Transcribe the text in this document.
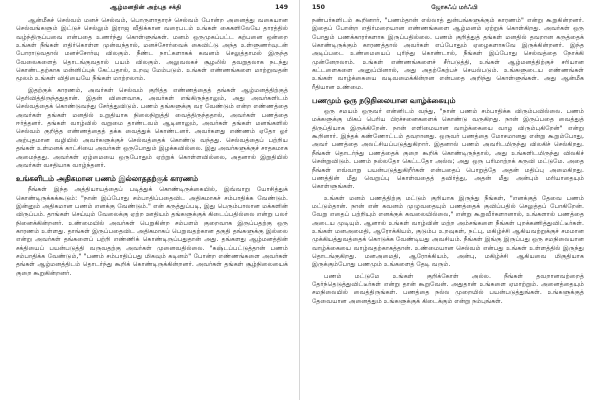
ஆழ்மனதின் அற்புத சக்தி	149

ஆன்மீகச் செல்வம் மனச் செல்வம், பொருளாதாரச் செல்வம் போன்ற அனைத்து வகையான செல்வங்களும் இட்டுச் செல்லும் இராஜ வீதிக்கான வரைபடம் உங்கள் கைகளிலேயே தாரத்தில் வழ்ந்திருப்பவை என்பதை உணர்ந்து கொள்ளுங்கள். மனம் ஒருமுகப்பட்ட கற்பனை ஒன்றை உங்கள் நீங்கள் எதிர்கொள்ள முன்வந்தால், மனச்சோர்வைக் கைவிட்டு அந்த உள்ளுணர்வுடன் போராடுவதால் மனச்சோர்வு விலகும். நீண்ட நாட்களாகக் கவனம் செலுத்தாமல் இருந்த வேலைகளைத் தொடங்குவதால் பயம் விலகும். அலுவலகச் சூழலில் தவறுதலாக நடந்து கொண்டதற்காக மன்னிப்புக் கேட்பதால், உறவு மேம்படும். உங்கள் எண்ணங்களை மாற்றுவதன் மூலம் உங்கள் விதியையே நீங்கள் மாற்றலாம்.

இதற்குக் காரணம், அவர்கள் செல்வம் குறித்த எண்ணத்தைத் தங்கள் ஆழ்மனத்திற்குத் தெரிவித்திருந்ததுதான். இதன் விளைவாக, அவர்கள் எங்கிருந்தாலும், அது அவர்களிடம் செல்வத்தைக் கொண்டுவந்து சேர்த்துவிடும். பணம் தங்களுக்கு வர வேண்டும் என்ற எண்ணத்தை அவர்கள் தங்கள் மனதில் உறுதியாக நிலைநிறுத்தி வைத்திருந்ததால், அவர்கள் பணத்தை ஈர்த்தனர். தங்கள் வாழ்வில் வறுமை தாண்டவம் ஆடினாலும், அவர்கள் தங்கள் மனங்களில் செல்வம் குறித்த எண்ணத்தைத் தக்க வைத்துக் கொண்டனர். அவர்களது எண்ணம் ஏதோ ஓர் அற்புதமான வழியில் அவர்களுக்குச் செல்வத்தைக் கொண்டு வந்தது. செல்வத்தைப் பற்றிய தங்கள் உள்மனக் காட்சியை அவர்கள் ஒருபோதும் இழக்கவில்லை. இது அவர்களுக்குச் சாதகமாக அமைந்தது. அவர்கள் ஏழ்மையை ஒருபோதும் ஏற்றுக் கொள்ளவில்லை, அதனால் இறுதியில் அவர்கள் வசதியாக வாழ்ந்தனர்.

உங்களிடம் அதிகமான பணம் இல்லாததற்குக் காரணம்

நீங்கள் இந்த அத்தியாயத்தைப் படித்துக் கொண்டிருக்கையில், இவ்வாறு யோசித்துக் கொண்டிருக்கக்கூடும்: "நான் இப்போது சம்பாதிப்பதைவிட அதிகமாகச் சம்பாதிக்க வேண்டும். இன்னும் அதிகமான பணம் எனக்கு வேண்டும்." என் கருத்துப்படி, இது பெரும்பாலான மக்களின் விருப்பம். தாங்கள் செய்யும் வேலைக்கு ஏற்ற ஊதியம் தங்களுக்குக் கிடைப்பதில்லை என்று பலர் நினைக்கின்றனர். உண்மையில் அவர்கள் பெறுகின்ற சம்பளம் குறைவாக இருப்பதற்கு ஒரு காரணம் உள்ளது. தாங்கள் இருப்பதைவிட அதிகமாகப் பெறுவதற்கான தகுதி தங்களுக்கு இல்லை என்று அவர்கள் தங்களைப் பற்றி எண்ணிக் கொண்டிருப்பதுதான் அது. தங்களது ஆழ்மனத்தின் சக்தியைப் பயன்படுத்தி வருவதற்கு அவர்கள் முனைவதில்லை. "கஷ்டப்பட்டுத்தான் பணம் சம்பாதிக்க வேண்டும்," "பணம் சம்பாதிப்பது மிகவும் கடினம்" போன்ற எண்ணங்களை அவர்கள் தங்கள் ஆழ்மனத்திடம் தொடர்ந்து கூறிக் கொண்டிருக்கின்றனர். அவர்கள் தங்கள் சூழ்நிலையைக் குறை கூறுகின்றனர்.

150	ஜோசஃப் மர்ஃபி

நண்பர்களிடம் கூறினார், "பணம்தான் எல்லாத் துன்பங்களுக்கும் காரணம்" என்று கூறுகின்றனர். இதைப் போன்ற எதிர்மறையான எண்ணங்களை ஆழ்மனம் ஏற்றுக் கொள்கிறது. அவர்கள் ஒரு போதும் பணக்காரர்களாக இருப்பதில்லை. பணம் குறித்துத் தங்கள் மனதில் தவறான கருத்தைக் கொண்டிருக்கும் காரணத்தால் அவர்கள் எப்போதும் ஏழைகளாகவே இருக்கின்றனர். இந்த அடிப்படை உண்மையைப் புரிந்து கொண்டால், நீங்கள் இப்போது செல்வத்தை நோக்கி முன்னேறலாம். உங்கள் எண்ணங்களைச் சீர்படுத்தி, உங்கள் ஆழ்மனத்திற்குச் சரியான கட்டளைகளை அனுப்பினால், அது அதற்கேற்பச் செயல்படும். உங்களுடைய எண்ணங்கள் உங்கள் வாழ்க்கையை வடிவமைக்கின்றன என்பதை அறிந்து கொள்ளுங்கள். அது ஆன்மீக ரீதியான உண்மை.

பணமும் ஒரு நடுநிலையான வாழ்க்கையும்

ஒரு சமயம் ஒருவர் என்னிடம் வந்து, "நான் பணம் சம்பாதிக்க விரும்பவில்லை. பணம் மக்களுக்கு மிகப் பெரிய பிரச்சனைகளைக் கொண்டு வருகிறது. நான் இருப்பதை வைத்துத் திருப்தியாக இருக்கிறேன். நான் எளிமையான வாழ்க்கையை வாழ விரும்புகிறேன்" என்று கூறினார். இந்தக் கண்ணோட்டம் தவறானது. ஒருவர் பணத்தை மோசமானது என்று கூறும்போது, அவர் பணத்தை அலட்சியப்படுத்துகிறார். இதனால் பணம் அவரிடமிருந்து விலகிச் செல்கிறது. நீங்கள் தொடர்ந்து பணத்தைக் குறை கூறிக் கொண்டிருந்தால், அது உங்களிடமிருந்து விலகிச் சென்றுவிடும். பணம் நல்லதோ கெட்டதோ அல்ல; அது ஒரு பரிமாற்றக் கருவி மட்டுமே. அதை நீங்கள் எவ்வாறு பயன்படுத்துகிறீர்கள் என்பதைப் பொறுத்தே அதன் மதிப்பு அமைகிறது. பணத்தின் மீது வெறுப்பு கொள்வதைத் தவிர்த்து, அதன் மீது அன்பும் மரியாதையும் கொள்ளுங்கள்.

உங்கள் மனம் பணத்திற்கு மட்டும் குறியாக இருந்து நீங்கள், "எனக்குத் தேவை பணம் மட்டும்தான். நான் என் கவனம் முழுவதையும் பணத்தைக் குவிப்பதில் செலுத்தப் போகிறேன். வேறு எதைப் பற்றியும் எனக்குக் கவலையில்லை," என்று கூறுவீர்களானால், உங்களால் பணத்தை அடைய முடியும். ஆனால் உங்கள் வாழ்வின் மற்ற அம்சங்களை நீங்கள் புறக்கணித்துவிட்டீர்கள். உங்கள் மனஅமைதி, ஆரோக்கியம், குடும்ப உறவுகள், நட்பு, மகிழ்ச்சி ஆகியவற்றுக்குச் சமமான முக்கியத்துவத்தைக் கொடுக்க வேண்டியது அவசியம். நீங்கள் இங்கு இருப்பது ஒரு சமநிலையான வாழ்க்கையை வாழ்வதற்காகத்தான். உண்மையான செல்வம் என்பது உங்கள் உள்ளத்தில் இருந்து தொடங்குகிறது. மனஅமைதி, ஆரோக்கியம், அன்பு, மகிழ்ச்சி ஆகியவை மிகுதியாக இருக்கும்போது பணமும் உங்களைத் தேடி வரும்.

பணம் மட்டுமே உங்கள் குறிக்கோள் அல்ல. நீங்கள் தவறானவற்றைத் தேர்ந்தெடுத்துவிட்டீர்கள் என்று தான் கூறுவேன். அதுதான் உங்களை ஏமாற்றும். அனைத்தையும் சமநிலையில் வைத்திருங்கள். பணத்தை நல்ல முறையில் பயன்படுத்துங்கள். உங்களுக்குத் தேவையான அனைத்தும் உங்களுக்குக் கிடைக்கும் என்று நம்புங்கள்.
